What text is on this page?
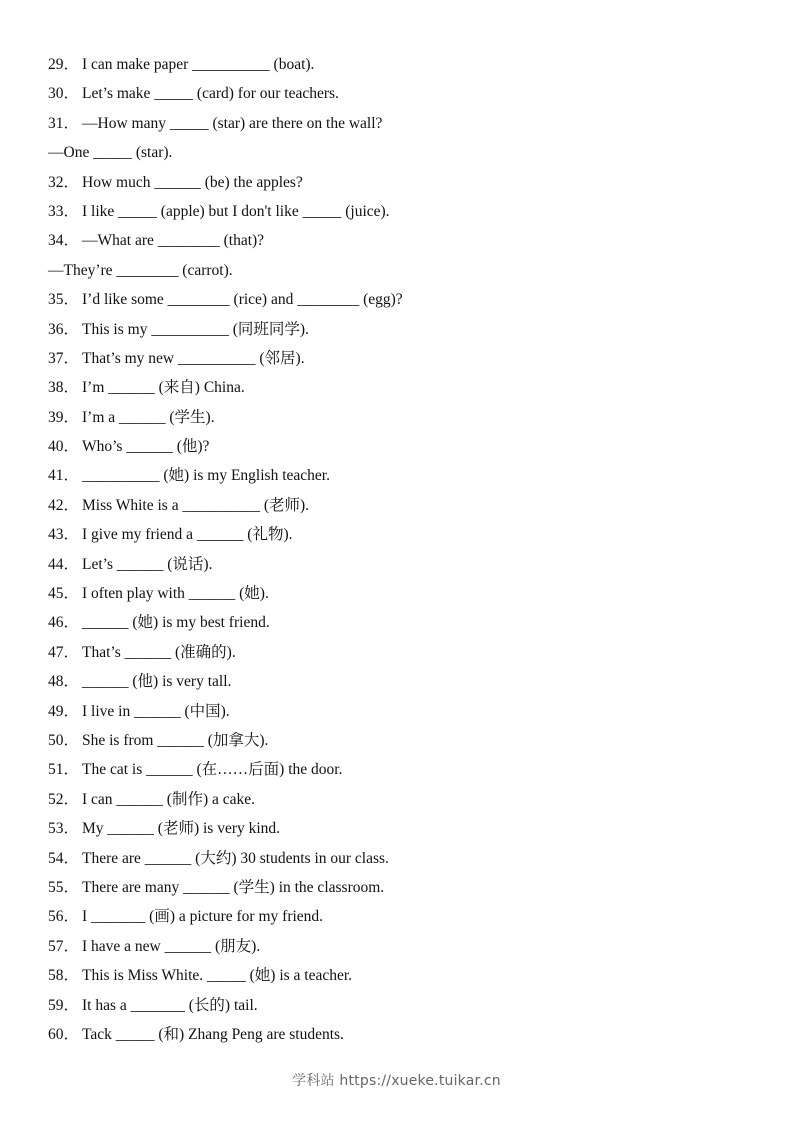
29． I can make paper __________ (boat).
30． Let’s make _____ (card) for our teachers.
31． —How many _____ (star) are there on the wall?
—One _____ (star).
32． How much ______ (be) the apples?
33． I like _____ (apple) but I don't like _____ (juice).
34． —What are ________ (that)?
—They’re ________ (carrot).
35． I’d like some ________ (rice) and ________ (egg)?
36． This is my __________ (同班同学).
37． That’s my new __________ (邻居).
38． I’m ______ (来自) China.
39． I’m a ______ (学生).
40． Who’s ______ (他)?
41． __________ (她) is my English teacher.
42． Miss White is a __________ (老师).
43． I give my friend a ______ (礼物).
44． Let’s ______ (说话).
45． I often play with ______ (她).
46． ______ (她) is my best friend.
47． That’s ______ (准确的).
48． ______ (他) is very tall.
49． I live in ______ (中国).
50． She is from ______ (加拿大).
51． The cat is ______ (在……后面) the door.
52． I can ______ (制作) a cake.
53． My ______ (老师) is very kind.
54． There are ______ (大约) 30 students in our class.
55． There are many ______ (学生) in the classroom.
56． I _______ (画) a picture for my friend.
57． I have a new ______ (朋友).
58． This is Miss White. _____ (她) is a teacher.
59． It has a _______ (长的) tail.
60． Tack _____ (和) Zhang Peng are students.
学科站 https://xueke.tuikar.cn
